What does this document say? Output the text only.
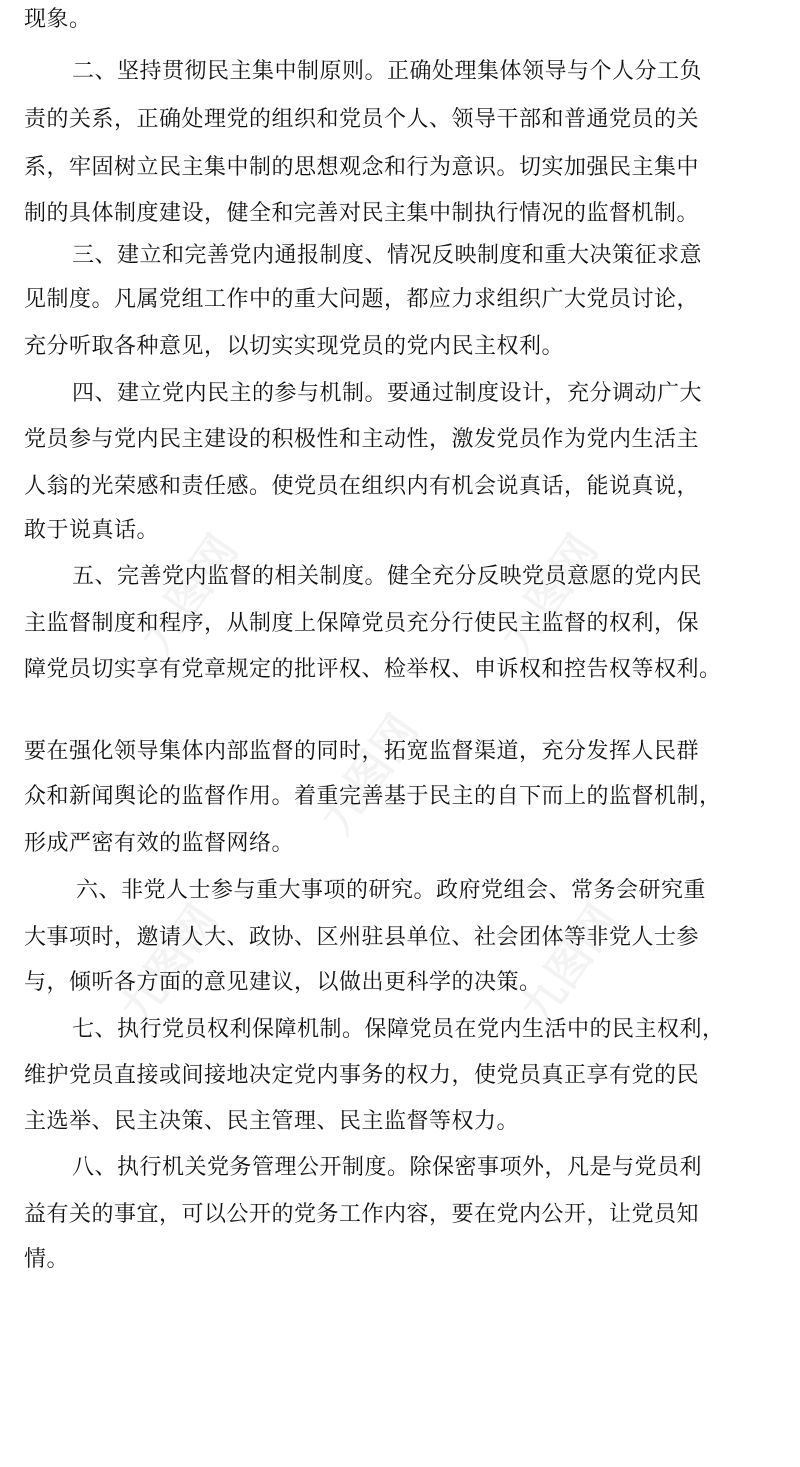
现象。
二、坚持贯彻民主集中制原则。正确处理集体领导与个人分工负
责的关系，正确处理党的组织和党员个人、领导干部和普通党员的关
系，牢固树立民主集中制的思想观念和行为意识。切实加强民主集中
制的具体制度建设，健全和完善对民主集中制执行情况的监督机制。
三、建立和完善党内通报制度、情况反映制度和重大决策征求意
见制度。凡属党组工作中的重大问题，都应力求组织广大党员讨论，
充分听取各种意见，以切实实现党员的党内民主权利。
四、建立党内民主的参与机制。要通过制度设计，充分调动广大
党员参与党内民主建设的积极性和主动性，激发党员作为党内生活主
人翁的光荣感和责任感。使党员在组织内有机会说真话，能说真说，
敢于说真话。
五、完善党内监督的相关制度。健全充分反映党员意愿的党内民
主监督制度和程序，从制度上保障党员充分行使民主监督的权利，保
障党员切实享有党章规定的批评权、检举权、申诉权和控告权等权利。
要在强化领导集体内部监督的同时，拓宽监督渠道，充分发挥人民群
众和新闻舆论的监督作用。着重完善基于民主的自下而上的监督机制，
形成严密有效的监督网络。
六、非党人士参与重大事项的研究。政府党组会、常务会研究重
大事项时，邀请人大、政协、区州驻县单位、社会团体等非党人士参
与，倾听各方面的意见建议，以做出更科学的决策。
七、执行党员权利保障机制。保障党员在党内生活中的民主权利，
维护党员直接或间接地决定党内事务的权力，使党员真正享有党的民
主选举、民主决策、民主管理、民主监督等权力。
八、执行机关党务管理公开制度。除保密事项外，凡是与党员利
益有关的事宜，可以公开的党务工作内容，要在党内公开，让党员知
情。
